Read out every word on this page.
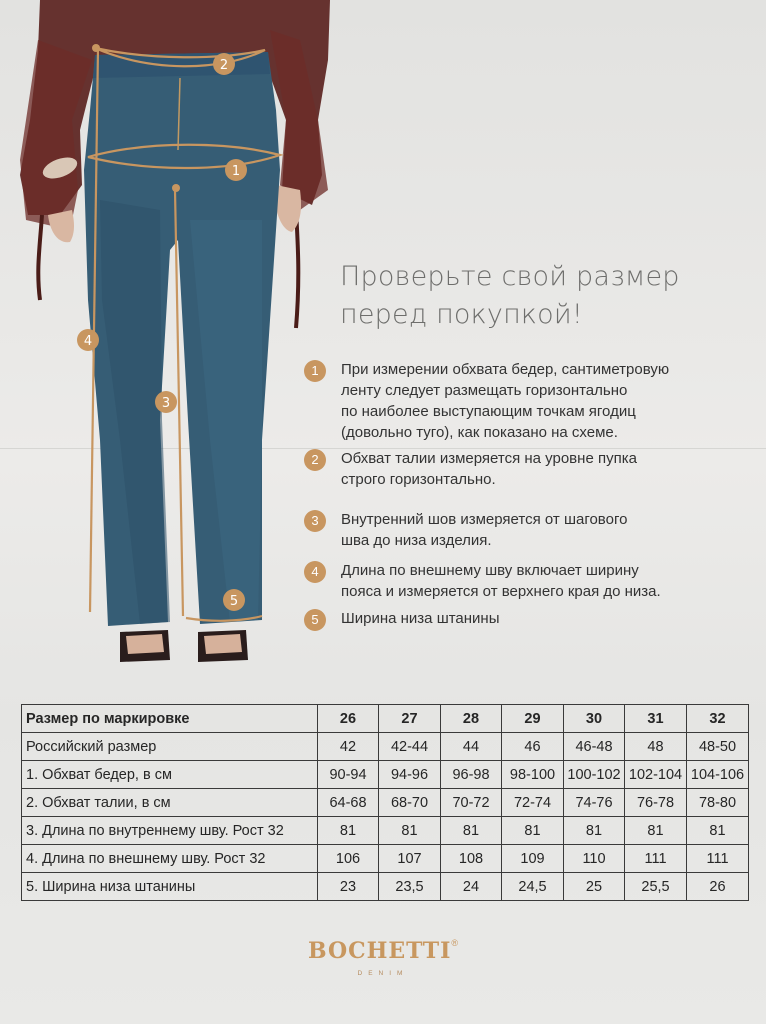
1
2
3
4
5
Проверьте свой размер
перед покупкой!
1	При измерении обхвата бедер, сантиметровую
ленту следует размещать горизонтально
по наиболее выступающим точкам ягодиц
(довольно туго), как показано на схеме.
2	Обхват талии измеряется на уровне пупка
строго горизонтально.
3	Внутренний шов измеряется от шагового
шва до низа изделия.
4	Длина по внешнему шву включает ширину
пояса и измеряется от верхнего края до низа.
5	Ширина низа штанины
Размер по маркировке	26	27	28	29	30	31	32
Российский размер	42	42-44	44	46	46-48	48	48-50
1. Обхват бедер, в см	90-94	94-96	96-98	98-100	100-102	102-104	104-106
2. Обхват талии, в см	64-68	68-70	70-72	72-74	74-76	76-78	78-80
3. Длина по внутреннему шву. Рост 32	81	81	81	81	81	81	81
4. Длина по внешнему шву. Рост 32	106	107	108	109	110	111	111
5. Ширина низа штанины	23	23,5	24	24,5	25	25,5	26
BOCHETTI®
DENIM
